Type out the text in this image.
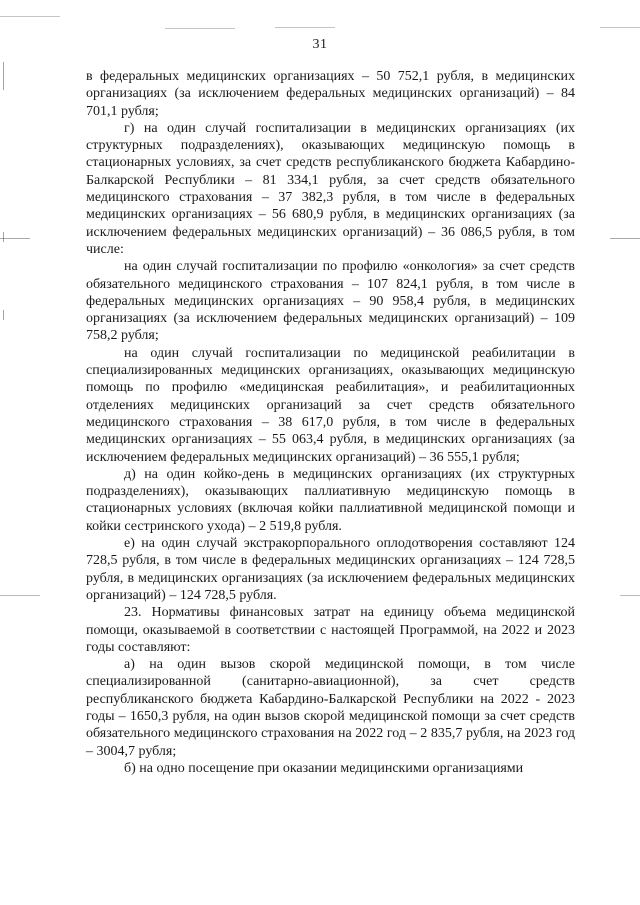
31

в федеральных медицинских организациях – 50 752,1 рубля, в медицинских организациях (за исключением федеральных медицинских организаций) – 84 701,1 рубля;

г) на один случай госпитализации в медицинских организациях (их структурных подразделениях), оказывающих медицинскую помощь в стационарных условиях, за счет средств республиканского бюджета Кабардино-Балкарской Республики – 81 334,1 рубля, за счет средств обязательного медицинского страхования – 37 382,3 рубля, в том числе в федеральных медицинских организациях – 56 680,9 рубля, в медицинских организациях (за исключением федеральных медицинских организаций) – 36 086,5 рубля, в том числе:

на один случай госпитализации по профилю «онкология» за счет средств обязательного медицинского страхования – 107 824,1 рубля, в том числе в федеральных медицинских организациях – 90 958,4 рубля, в медицинских организациях (за исключением федеральных медицинских организаций) – 109 758,2 рубля;

на один случай госпитализации по медицинской реабилитации в специализированных медицинских организациях, оказывающих медицинскую помощь по профилю «медицинская реабилитация», и реабилитационных отделениях медицинских организаций за счет средств обязательного медицинского страхования – 38 617,0 рубля, в том числе в федеральных медицинских организациях – 55 063,4 рубля, в медицинских организациях (за исключением федеральных медицинских организаций) – 36 555,1 рубля;

д) на один койко-день в медицинских организациях (их структурных подразделениях), оказывающих паллиативную медицинскую помощь в стационарных условиях (включая койки паллиативной медицинской помощи и койки сестринского ухода) – 2 519,8 рубля.

е) на один случай экстракорпорального оплодотворения составляют 124 728,5 рубля, в том числе в федеральных медицинских организациях – 124 728,5 рубля, в медицинских организациях (за исключением федеральных медицинских организаций) – 124 728,5 рубля.

23. Нормативы финансовых затрат на единицу объема медицинской помощи, оказываемой в соответствии с настоящей Программой, на 2022 и 2023 годы составляют:

а) на один вызов скорой медицинской помощи, в том числе специализированной (санитарно-авиационной), за счет средств республиканского бюджета Кабардино-Балкарской Республики на 2022 - 2023 годы – 1650,3 рубля, на один вызов скорой медицинской помощи за счет средств обязательного медицинского страхования на 2022 год – 2 835,7 рубля, на 2023 год – 3004,7 рубля;

б) на одно посещение при оказании медицинскими организациями
